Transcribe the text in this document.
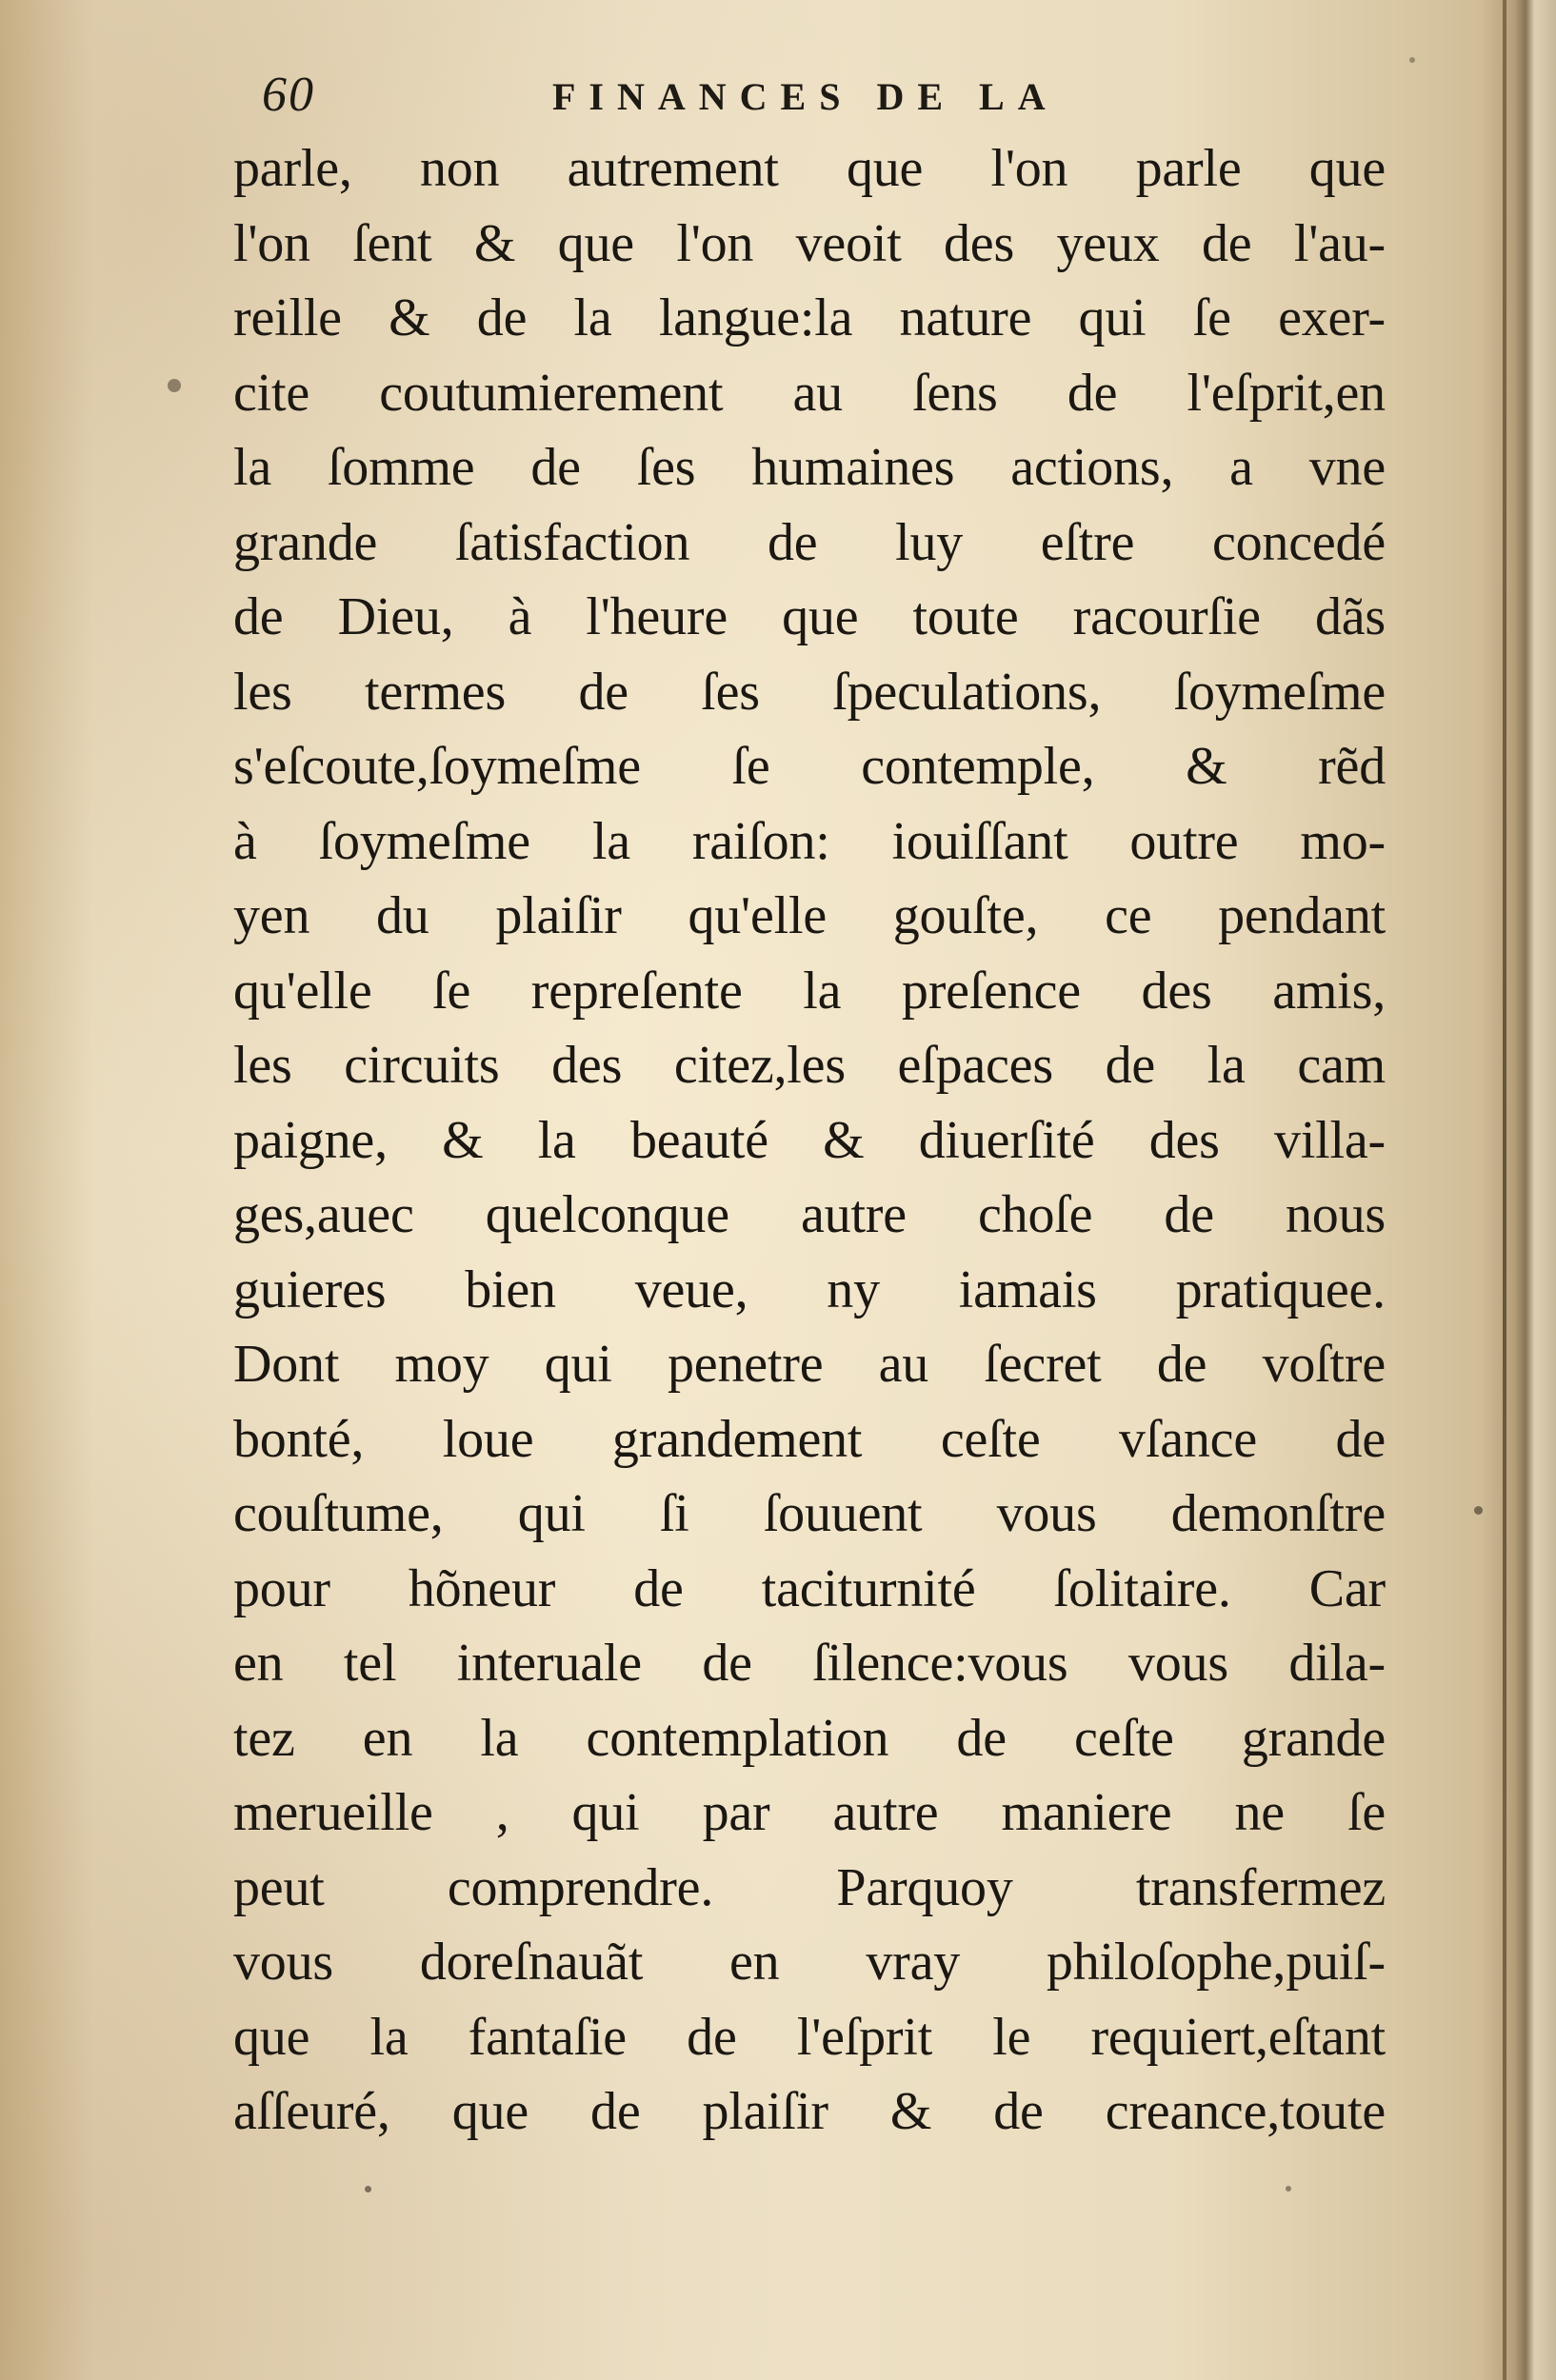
60	FINANCES DE LA
parle, non autrement que l'on parle que
l'on ſent & que l'on veoit des yeux de l'au-
reille & de la langue:la nature qui ſe exer-
cite coutumierement au ſens de l'eſprit,en
la ſomme de ſes humaines actions, a vne
grande ſatisfaction de luy eſtre concedé
de Dieu, à l'heure que toute racourſie dãs
les termes de ſes ſpeculations, ſoymeſme
s'eſcoute,ſoymeſme ſe contemple, & rẽd
à ſoymeſme la raiſon: iouiſſant outre mo-
yen du plaiſir qu'elle gouſte, ce pendant
qu'elle ſe repreſente la preſence des amis,
les circuits des citez,les eſpaces de la cam
paigne, & la beauté & diuerſité des villa-
ges,auec quelconque autre choſe de nous
guieres bien veue, ny iamais pratiquee.
Dont moy qui penetre au ſecret de voſtre
bonté, loue grandement ceſte vſance de
couſtume, qui ſi ſouuent vous demonſtre
pour hõneur de taciturnité ſolitaire. Car
en tel interuale de ſilence:vous vous dila-
tez en la contemplation de ceſte grande
merueille , qui par autre maniere ne ſe
peut comprendre. Parquoy transfermez
vous doreſnauãt en vray philoſophe,puiſ-
que la fantaſie de l'eſprit le requiert,eſtant
aſſeuré, que de plaiſir & de creance,toute
